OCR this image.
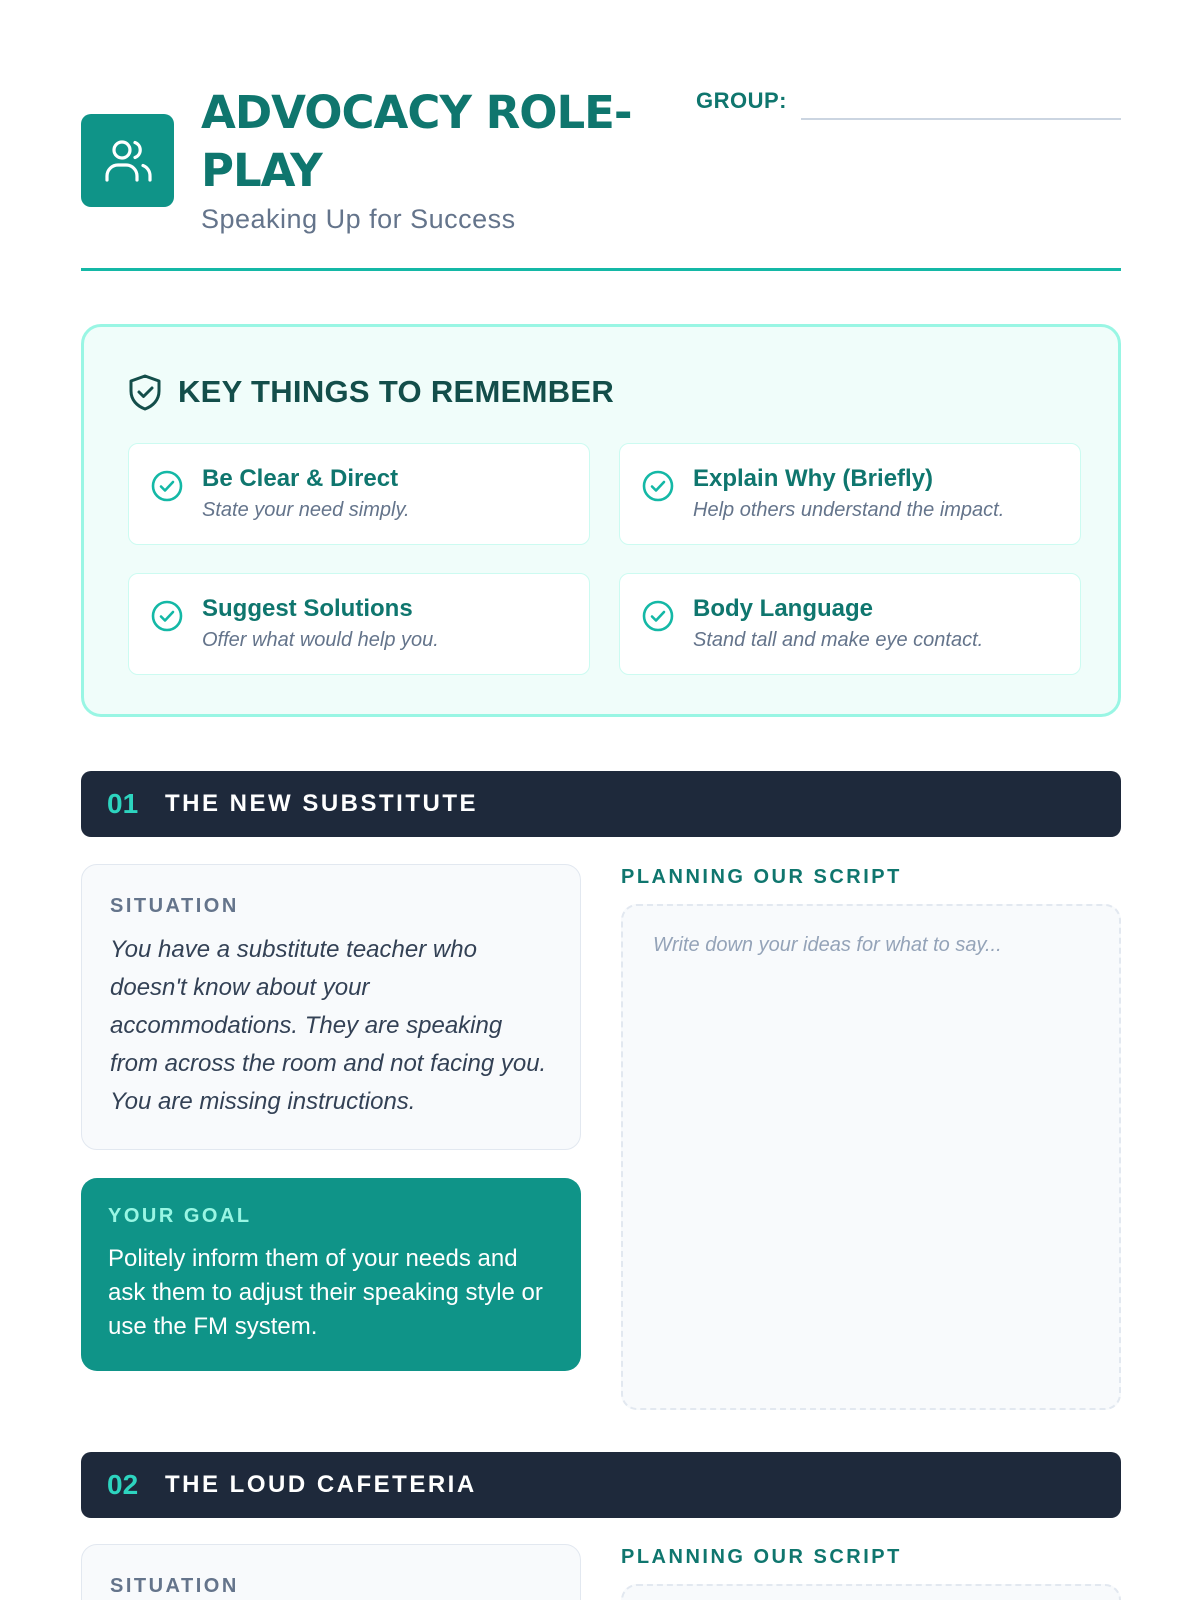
ADVOCACY ROLE-PLAY
Speaking Up for Success
GROUP:
KEY THINGS TO REMEMBER
Be Clear & Direct
State your need simply.
Explain Why (Briefly)
Help others understand the impact.
Suggest Solutions
Offer what would help you.
Body Language
Stand tall and make eye contact.
01	THE NEW SUBSTITUTE
SITUATION
You have a substitute teacher who doesn't know about your accommodations. They are speaking from across the room and not facing you. You are missing instructions.
YOUR GOAL
Politely inform them of your needs and ask them to adjust their speaking style or use the FM system.
PLANNING OUR SCRIPT
Write down your ideas for what to say...
02	THE LOUD CAFETERIA
SITUATION
PLANNING OUR SCRIPT
